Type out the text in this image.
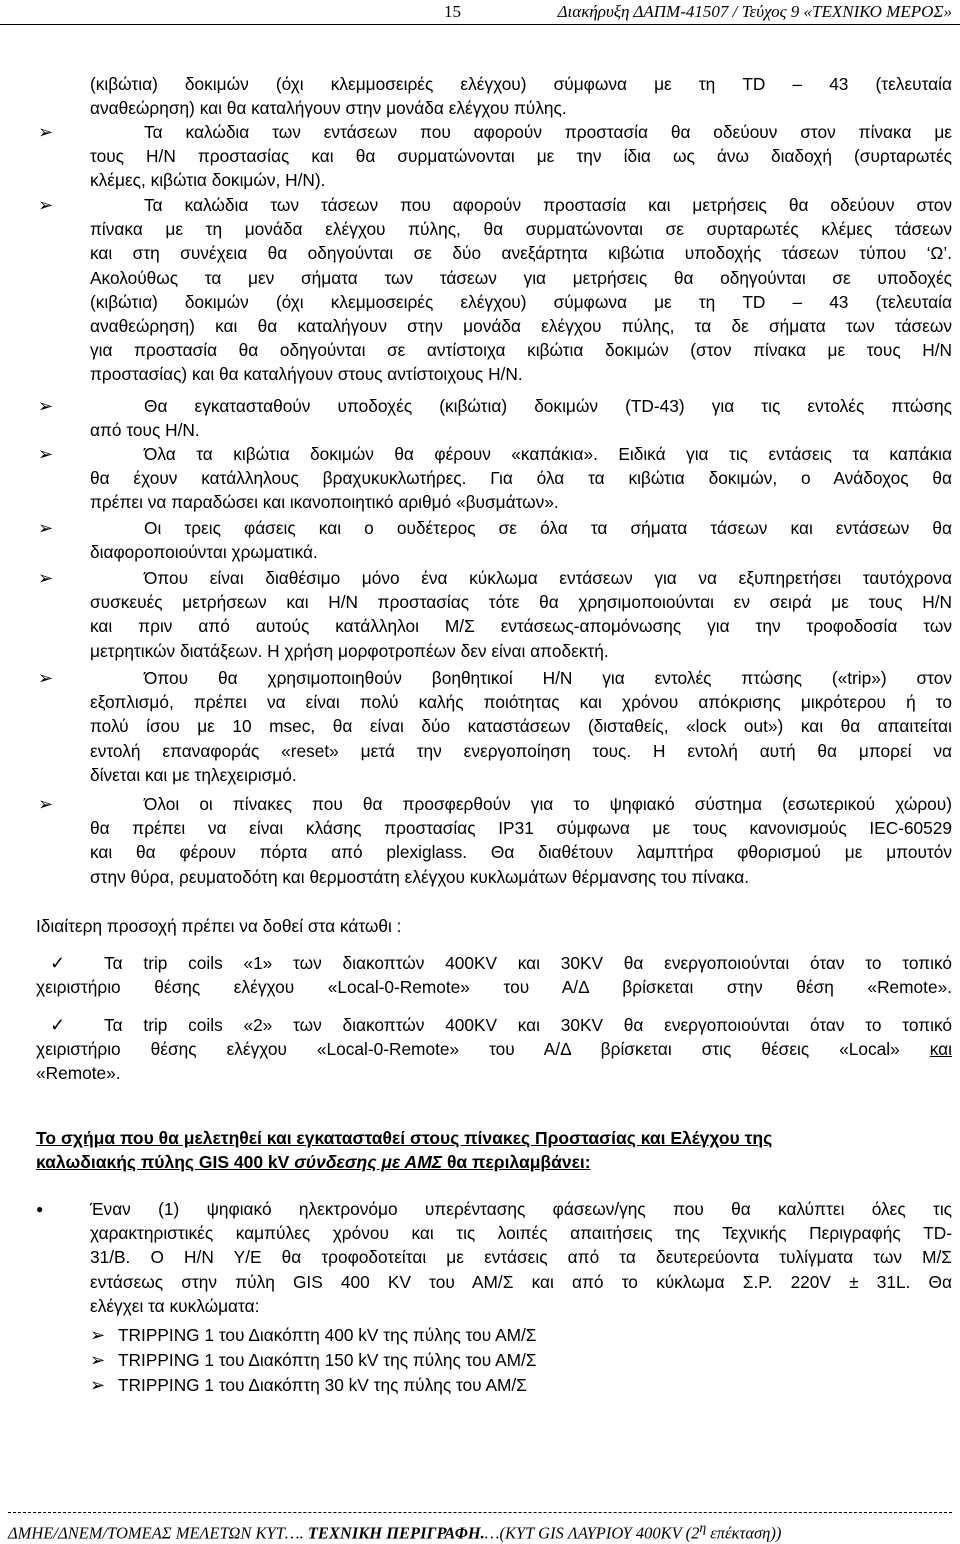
15	Διακήρυξη ΔΑΠΜ-41507 / Τεύχος 9 «ΤΕΧΝΙΚΟ ΜΕΡΟΣ»
(κιβώτια) δοκιμών (όχι κλεμμοσειρές ελέγχου) σύμφωνα με τη TD – 43 (τελευταία
αναθεώρηση) και θα καταλήγουν στην μονάδα ελέγχου πύλης.
➢	Τα καλώδια των εντάσεων που αφορούν προστασία θα οδεύουν στον πίνακα με
τους Η/Ν προστασίας και θα συρματώνονται με την ίδια ως άνω διαδοχή (συρταρωτές
κλέμες, κιβώτια δοκιμών, Η/Ν).
➢	Τα καλώδια των τάσεων που αφορούν προστασία και μετρήσεις θα οδεύουν στον
πίνακα με τη μονάδα ελέγχου πύλης, θα συρματώνονται σε συρταρωτές κλέμες τάσεων
και στη συνέχεια θα οδηγούνται σε δύο ανεξάρτητα κιβώτια υποδοχής τάσεων τύπου ‘Ω’.
Ακολούθως τα μεν σήματα των τάσεων για μετρήσεις θα οδηγούνται σε υποδοχές
(κιβώτια) δοκιμών (όχι κλεμμοσειρές ελέγχου) σύμφωνα με τη TD – 43 (τελευταία
αναθεώρηση) και θα καταλήγουν στην μονάδα ελέγχου πύλης, τα δε σήματα των τάσεων
για προστασία θα οδηγούνται σε αντίστοιχα κιβώτια δοκιμών (στον πίνακα με τους Η/Ν
προστασίας) και θα καταλήγουν στους αντίστοιχους Η/Ν.
➢	Θα εγκατασταθούν υποδοχές (κιβώτια) δοκιμών (TD-43) για τις εντολές πτώσης
από τους Η/Ν.
➢	Όλα τα κιβώτια δοκιμών θα φέρουν «καπάκια». Ειδικά για τις εντάσεις τα καπάκια
θα έχουν κατάλληλους βραχυκυκλωτήρες. Για όλα τα κιβώτια δοκιμών, ο Ανάδοχος θα
πρέπει να παραδώσει και ικανοποιητικό αριθμό «βυσμάτων».
➢	Οι τρεις φάσεις και ο ουδέτερος σε όλα τα σήματα τάσεων και εντάσεων θα
διαφοροποιούνται χρωματικά.
➢	Όπου είναι διαθέσιμο μόνο ένα κύκλωμα εντάσεων για να εξυπηρετήσει ταυτόχρονα
συσκευές μετρήσεων και Η/Ν προστασίας τότε θα χρησιμοποιούνται εν σειρά με τους Η/Ν
και πριν από αυτούς κατάλληλοι Μ/Σ εντάσεως-απομόνωσης για την τροφοδοσία των
μετρητικών διατάξεων. Η χρήση μορφοτροπέων δεν είναι αποδεκτή.
➢	Όπου θα χρησιμοποιηθούν βοηθητικοί Η/Ν για εντολές πτώσης («trip») στον
εξοπλισμό, πρέπει να είναι πολύ καλής ποιότητας και χρόνου απόκρισης μικρότερου ή το
πολύ ίσου με 10 msec, θα είναι δύο καταστάσεων (δισταθείς, «lock out») και θα απαιτείται
εντολή επαναφοράς «reset» μετά την ενεργοποίηση τους. Η εντολή αυτή θα μπορεί να
δίνεται και με τηλεχειρισμό.
➢	Όλοι οι πίνακες που θα προσφερθούν για το ψηφιακό σύστημα (εσωτερικού χώρου)
θα πρέπει να είναι κλάσης προστασίας IP31 σύμφωνα με τους κανονισμούς IEC-60529
και θα φέρουν πόρτα από plexiglass. Θα διαθέτουν λαμπτήρα φθορισμού με μπουτόν
στην θύρα, ρευματοδότη και θερμοστάτη ελέγχου κυκλωμάτων θέρμανσης του πίνακα.
Ιδιαίτερη προσοχή πρέπει να δοθεί στα κάτωθι :
✓	Τα trip coils «1» των διακοπτών 400KV και 30KV θα ενεργοποιούνται όταν το τοπικό
χειριστήριο θέσης ελέγχου «Local-0-Remote» του Α/Δ βρίσκεται στην θέση «Remote».
✓	Τα trip coils «2» των διακοπτών 400KV και 30KV θα ενεργοποιούνται όταν το τοπικό
χειριστήριο θέσης ελέγχου «Local-0-Remote» του Α/Δ βρίσκεται στις θέσεις «Local» και
«Remote».
Το σχήμα που θα μελετηθεί και εγκατασταθεί στους πίνακες Προστασίας και Ελέγχου της
καλωδιακής πύλης GIS 400 kV σύνδεσης με ΑΜΣ θα περιλαμβάνει:
●	Έναν (1) ψηφιακό ηλεκτρονόμο υπερέντασης φάσεων/γης που θα καλύπτει όλες τις
χαρακτηριστικές καμπύλες χρόνου και τις λοιπές απαιτήσεις της Τεχνικής Περιγραφής TD-
31/B. Ο Η/Ν Υ/Ε θα τροφοδοτείται με εντάσεις από τα δευτερεύοντα τυλίγματα των Μ/Σ
εντάσεως στην πύλη GIS 400 KV του ΑΜ/Σ και από το κύκλωμα Σ.Ρ. 220V ± 31L. Θα
ελέγχει τα κυκλώματα:
➢ TRIPPING 1 του Διακόπτη 400 kV της πύλης του ΑΜ/Σ
➢ TRIPPING 1 του Διακόπτη 150 kV της πύλης του ΑΜ/Σ
➢ TRIPPING 1 του Διακόπτη 30 kV της πύλης του ΑΜ/Σ
ΔΜΗΕ/ΔΝΕΜ/ΤΟΜΕΑΣ ΜΕΛΕΤΩΝ ΚΥΤ…. ΤΕΧΝΙΚΗ ΠΕΡΙΓΡΑΦΗ.…(ΚΥΤ GIS ΛΑΥΡΙΟΥ 400KV ($2^\eta$ επέκταση))
